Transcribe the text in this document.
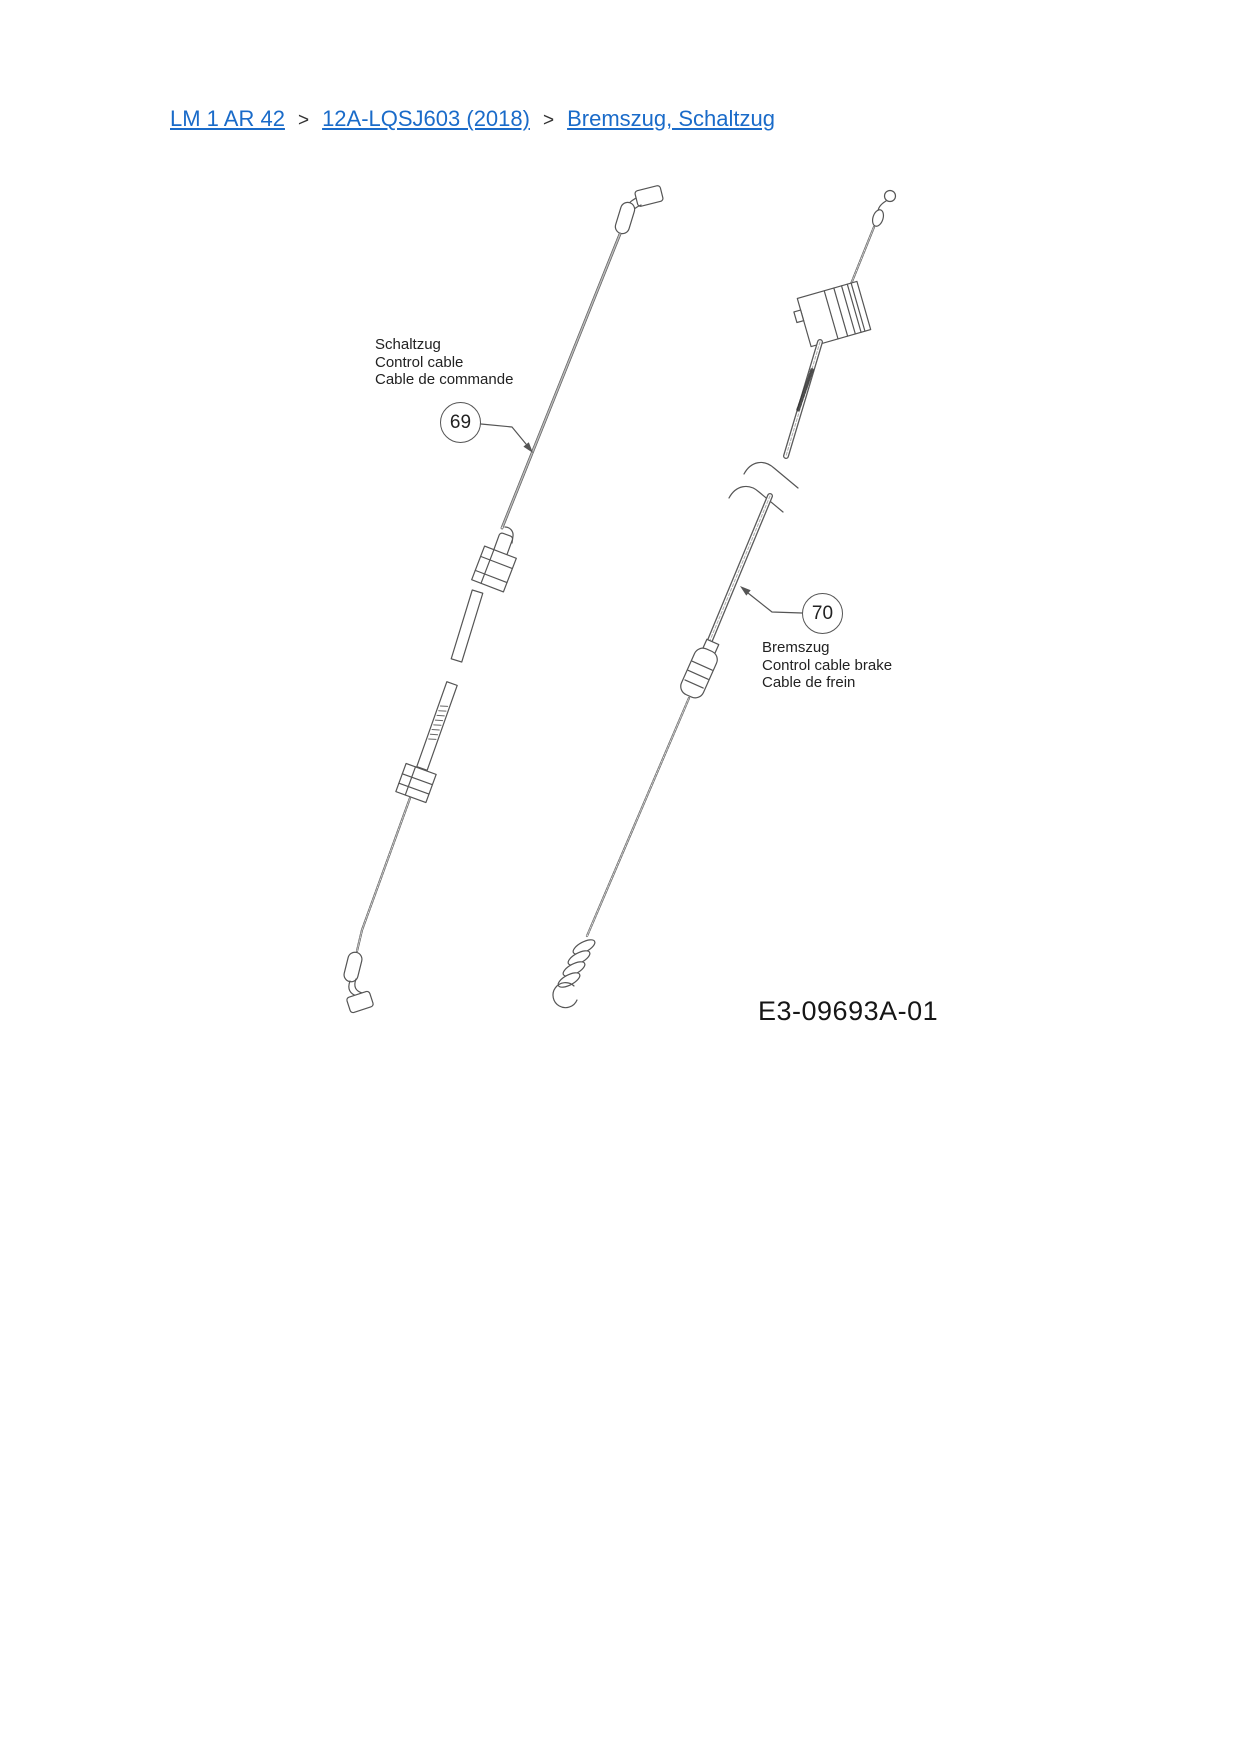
LM 1 AR 42 > 12A-LQSJ603 (2018) > Bremszug, Schaltzug
69
70
Schaltzug
Control cable
Cable de commande
Bremszug
Control cable brake
Cable de frein
E3-09693A-01
